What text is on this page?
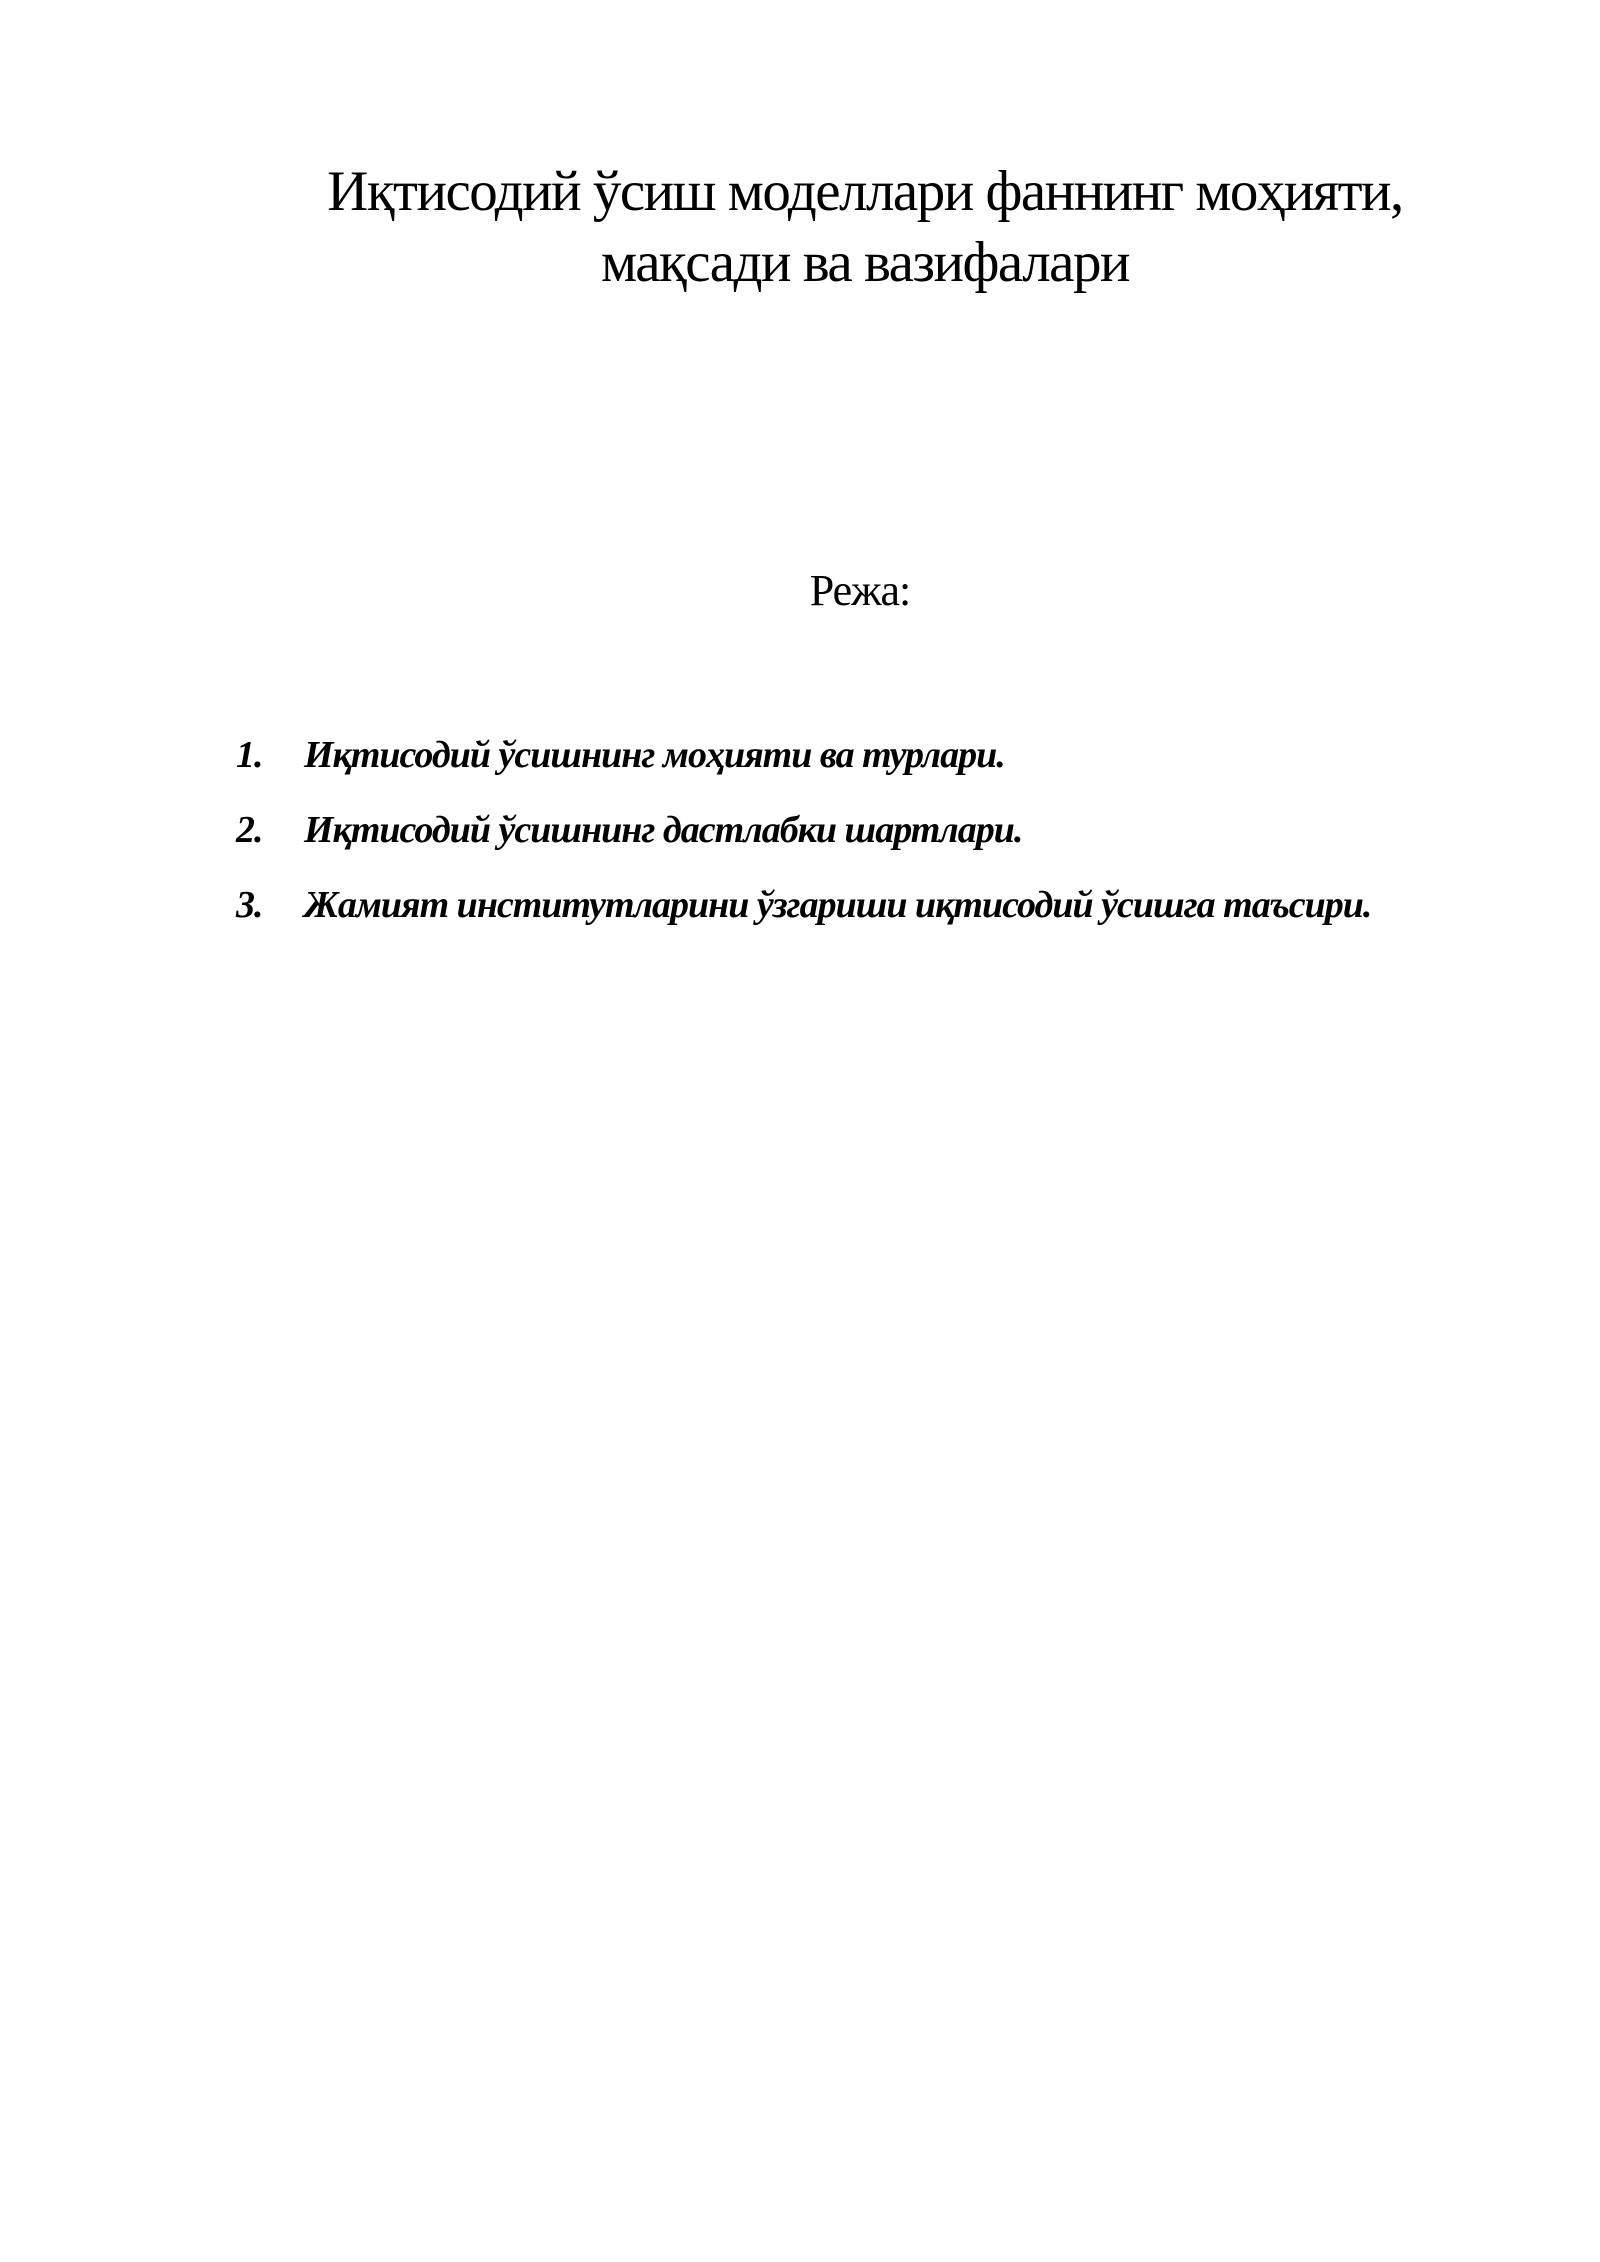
Иқтисодий ўсиш моделлари фаннинг моҳияти,
мақсади ва вазифалари
Режа:
1. Иқтисодий ўсишнинг моҳияти ва турлари.
2. Иқтисодий ўсишнинг дастлабки шартлари.
3. Жамият институтларини ўзгариши иқтисодий ўсишга таъсири.
